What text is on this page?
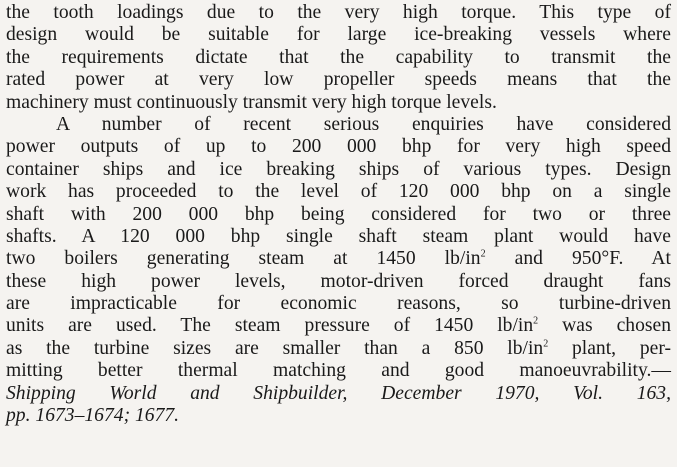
the tooth loadings due to the very high torque. This type of
design would be suitable for large ice-breaking vessels where
the requirements dictate that the capability to transmit the
rated power at very low propeller speeds means that the
machinery must continuously transmit very high torque levels.
A number of recent serious enquiries have considered
power outputs of up to 200 000 bhp for very high speed
container ships and ice breaking ships of various types. Design
work has proceeded to the level of 120 000 bhp on a single
shaft with 200 000 bhp being considered for two or three
shafts. A 120 000 bhp single shaft steam plant would have
two boilers generating steam at 1450 $lb/in^2$ and 950°F. At
these high power levels, motor-driven forced draught fans
are impracticable for economic reasons, so turbine-driven
units are used. The steam pressure of 1450 $lb/in^2$ was chosen
as the turbine sizes are smaller than a 850 $lb/in^2$ plant, per-
mitting better thermal matching and good manoeuvrability.—
Shipping World and Shipbuilder, December 1970, Vol. 163,
pp. 1673–1674; 1677.
